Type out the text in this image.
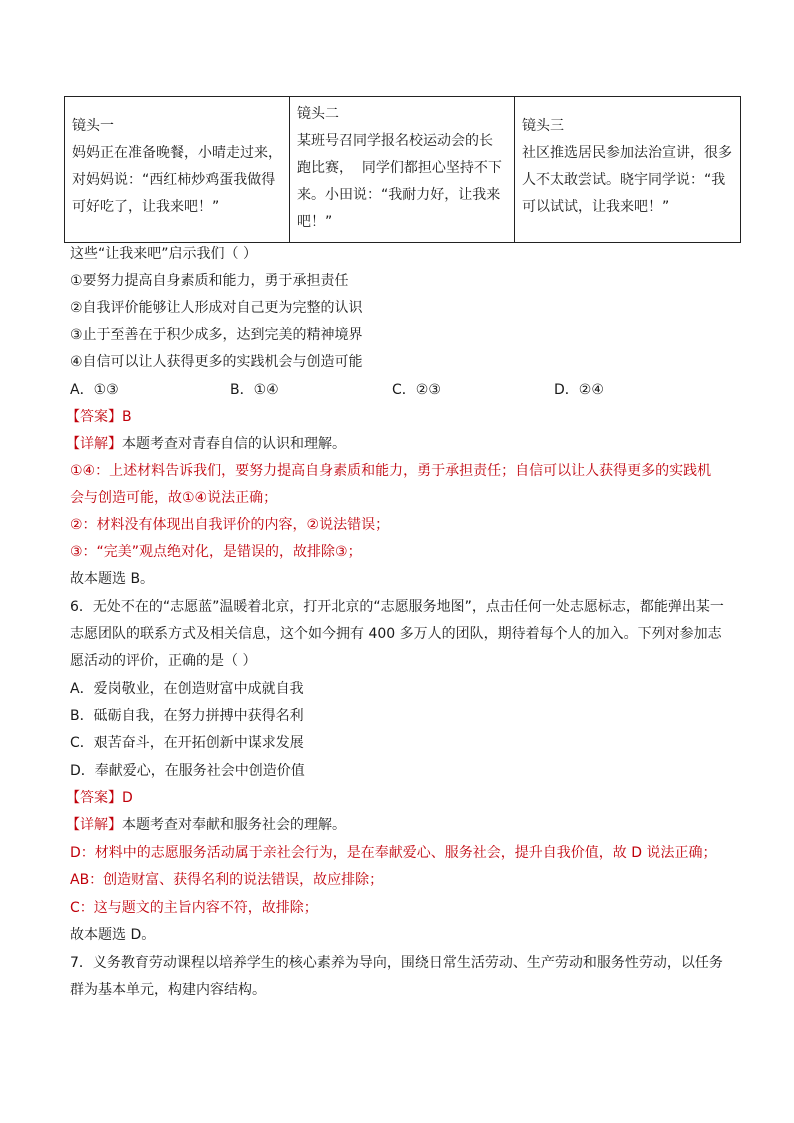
镜头一
妈妈正在准备晚餐，小晴走过来，
对妈妈说：“西红柿炒鸡蛋我做得
可好吃了，让我来吧！”

镜头二
某班号召同学报名校运动会的长
跑比赛，  同学们都担心坚持不下
来。小田说：“我耐力好，让我来
吧！”

镜头三
社区推选居民参加法治宣讲，很多
人不太敢尝试。晓宇同学说：“我
可以试试，让我来吧！”
这些“让我来吧”启示我们（ ）
①要努力提高自身素质和能力，勇于承担责任
②自我评价能够让人形成对自己更为完整的认识
③止于至善在于积少成多，达到完美的精神境界
④自信可以让人获得更多的实践机会与创造可能
A．①③	B．①④	C．②③	D．②④
【答案】B
【详解】本题考查对青春自信的认识和理解。
①④：上述材料告诉我们，要努力提高自身素质和能力，勇于承担责任；自信可以让人获得更多的实践机
会与创造可能，故①④说法正确；
②：材料没有体现出自我评价的内容，②说法错误；
③：“完美”观点绝对化，是错误的，故排除③；
故本题选 B。
6．无处不在的“志愿蓝”温暖着北京，打开北京的“志愿服务地图”，点击任何一处志愿标志，都能弹出某一
志愿团队的联系方式及相关信息，这个如今拥有 400 多万人的团队，期待着每个人的加入。下列对参加志
愿活动的评价，正确的是（ ）
A．爱岗敬业，在创造财富中成就自我
B．砥砺自我，在努力拼搏中获得名利
C．艰苦奋斗，在开拓创新中谋求发展
D．奉献爱心，在服务社会中创造价值
【答案】D
【详解】本题考查对奉献和服务社会的理解。
D：材料中的志愿服务活动属于亲社会行为，是在奉献爱心、服务社会，提升自我价值，故 D 说法正确；
AB：创造财富、获得名利的说法错误，故应排除；
C：这与题文的主旨内容不符，故排除；
故本题选 D。
7．义务教育劳动课程以培养学生的核心素养为导向，围绕日常生活劳动、生产劳动和服务性劳动，以任务
群为基本单元，构建内容结构。
